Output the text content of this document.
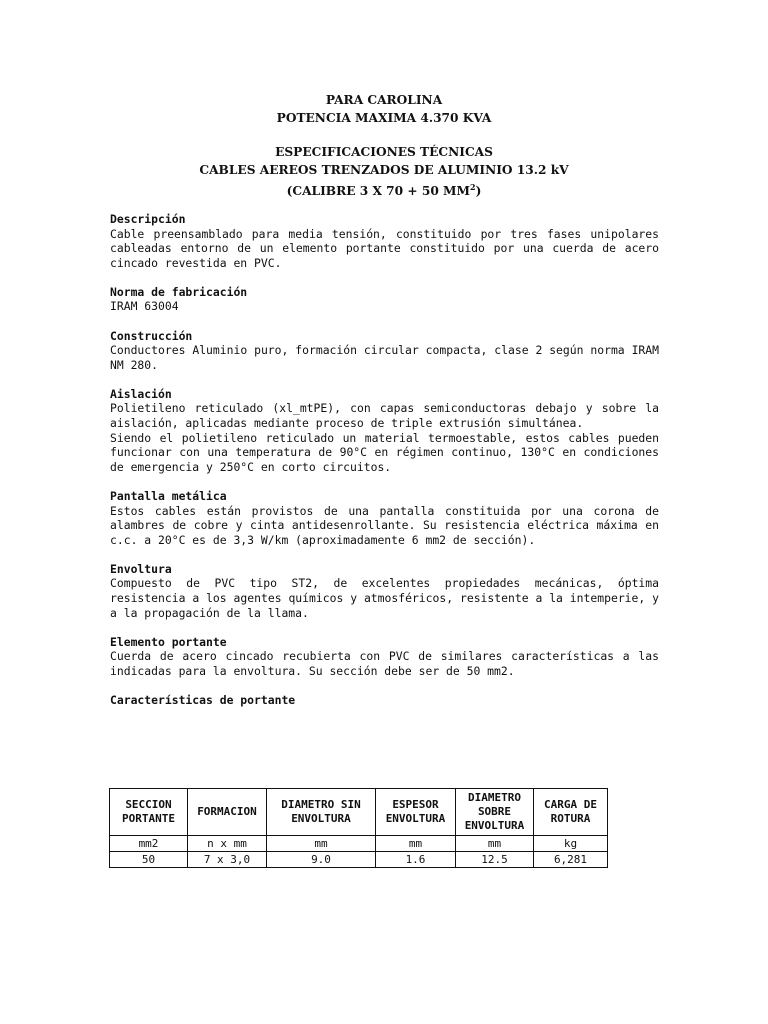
PARA CAROLINA
POTENCIA MAXIMA 4.370 KVA
ESPECIFICACIONES TÉCNICAS
CABLES AEREOS TRENZADOS DE ALUMINIO 13.2 kV
(CALIBRE 3 X 70 + 50 $MM^2$)
Descripción
Cable preensamblado para media tensión, constituido por tres fases unipolares cableadas entorno de un elemento portante constituido por una cuerda de acero cincado revestida en PVC.
Norma de fabricación
IRAM 63004
Construcción
Conductores Aluminio puro, formación circular compacta, clase 2 según norma IRAM NM 280.
Aislación
Polietileno reticulado (xl_mtPE), con capas semiconductoras debajo y sobre la aislación, aplicadas mediante proceso de triple extrusión simultánea.
Siendo el polietileno reticulado un material termoestable, estos cables pueden funcionar con una temperatura de 90°C en régimen continuo, 130°C en condiciones de emergencia y 250°C en corto circuitos.
Pantalla metálica
Estos cables están provistos de una pantalla constituida por una corona de alambres de cobre y cinta antidesenrollante. Su resistencia eléctrica máxima en c.c. a 20°C es de 3,3 W/km (aproximadamente 6 mm2 de sección).
Envoltura
Compuesto de PVC tipo ST2, de excelentes propiedades mecánicas, óptima resistencia a los agentes químicos y atmosféricos, resistente a la intemperie, y a la propagación de la llama.
Elemento portante
Cuerda de acero cincado recubierta con PVC de similares características a las indicadas para la envoltura. Su sección debe ser de 50 mm2.
Características de portante
SECCION PORTANTE	FORMACION	DIAMETRO SIN ENVOLTURA	ESPESOR ENVOLTURA	DIAMETRO SOBRE ENVOLTURA	CARGA DE ROTURA
mm2	n x mm	mm	mm	mm	kg
50	7 x 3,0	9.0	1.6	12.5	6,281
